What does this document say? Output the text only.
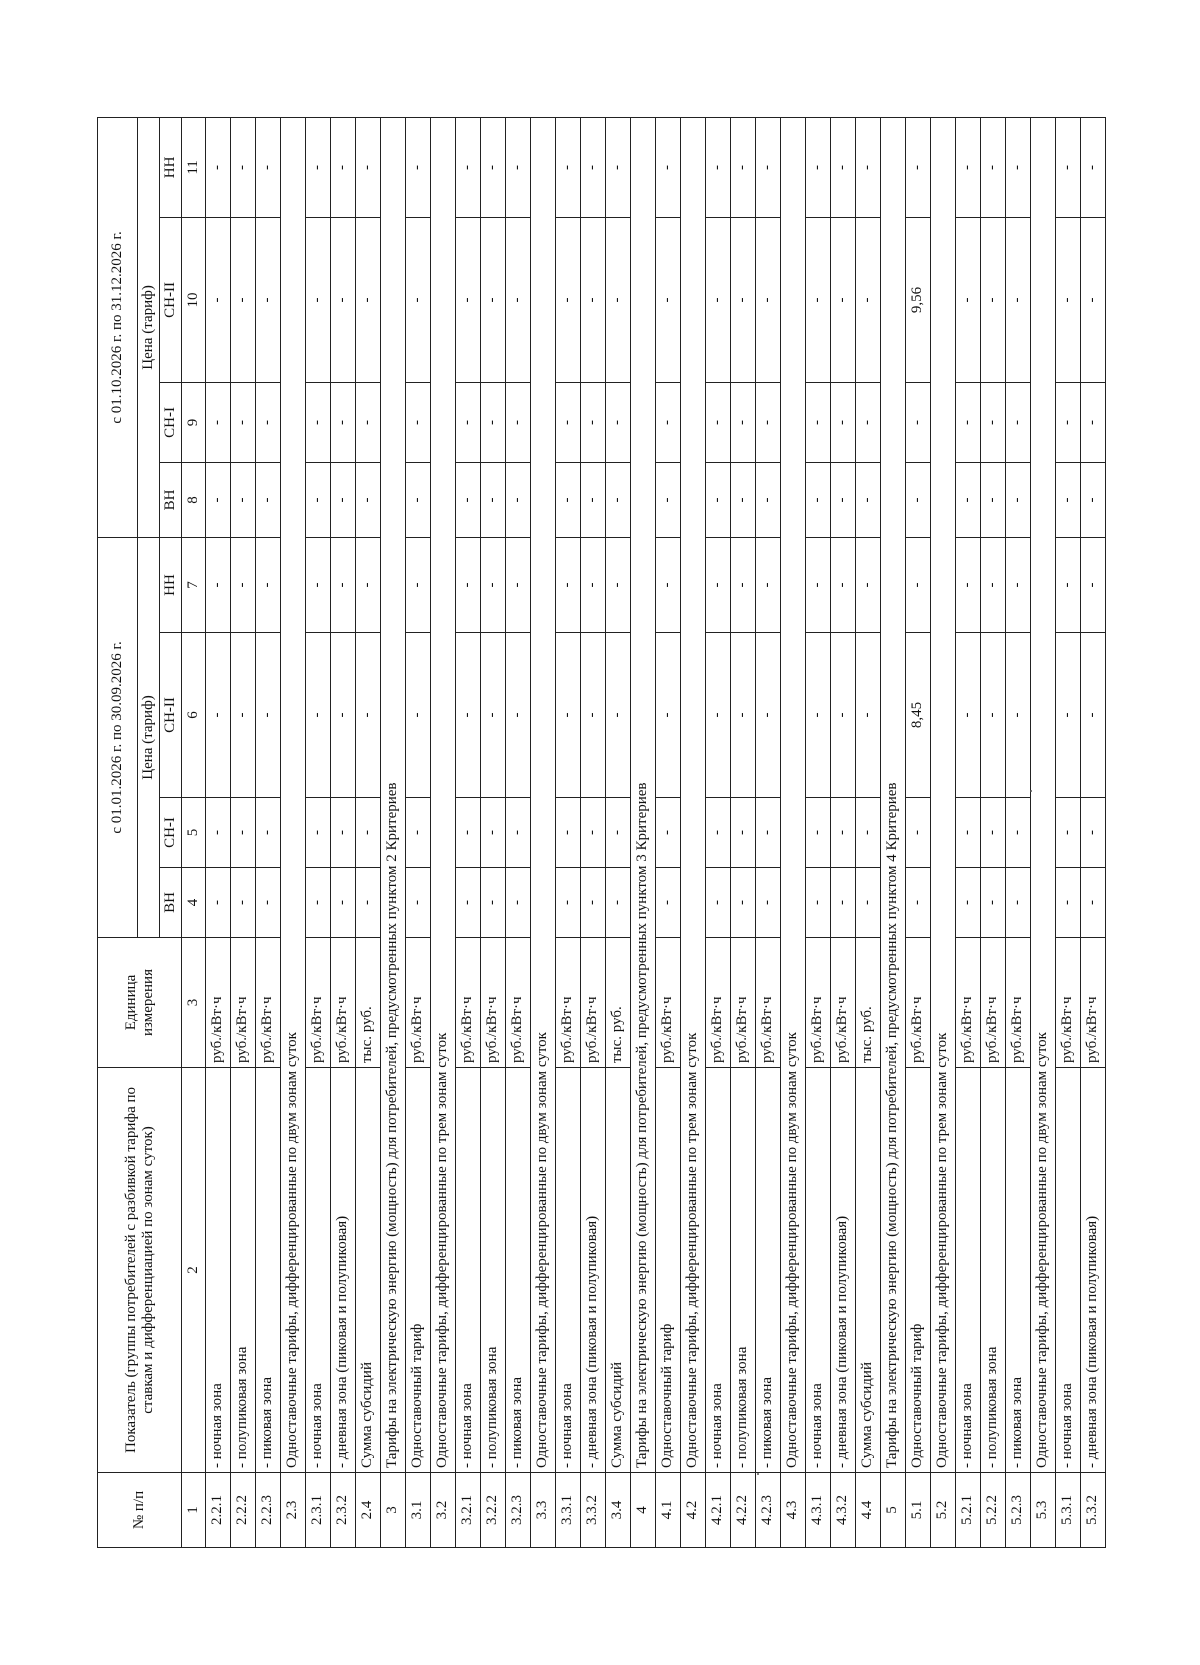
№ п/п	Показатель (группы потребителей с разбивкой тарифа по ставкам и дифференциацией по зонам суток)	Единица измерения	с 01.01.2026 г. по 30.09.2026 г.				с 01.10.2026 г. по 31.12.2026 г.			
			Цена (тариф)				Цена (тариф)			
			ВН	СН-I	СН-II	НН	ВН	СН-I	СН-II	НН
1	2	3	4	5	6	7	8	9	10	11
2.2.1	- ночная зона	руб./кВт·ч	-	-	-	-	-	-	-	-
2.2.2	- полупиковая зона	руб./кВт·ч	-	-	-	-	-	-	-	-
2.2.3	- пиковая зона	руб./кВт·ч	-	-	-	-	-	-	-	-
2.3	Одноставочные тарифы, дифференцированные по двум зонам суток									
2.3.1	- ночная зона	руб./кВт·ч	-	-	-	-	-	-	-	-
2.3.2	- дневная зона (пиковая и полупиковая)	руб./кВт·ч	-	-	-	-	-	-	-	-
2.4	Сумма субсидий	тыс. руб.	-	-	-	-	-	-	-	-
3	Тарифы на электрическую энергию (мощность) для потребителей, предусмотренных пунктом 2 Критериев									
3.1	Одноставочный тариф	руб./кВт·ч	-	-	-	-	-	-	-	-
3.2	Одноставочные тарифы, дифференцированные по трем зонам суток									
3.2.1	- ночная зона	руб./кВт·ч	-	-	-	-	-	-	-	-
3.2.2	- полупиковая зона	руб./кВт·ч	-	-	-	-	-	-	-	-
3.2.3	- пиковая зона	руб./кВт·ч	-	-	-	-	-	-	-	-
3.3	Одноставочные тарифы, дифференцированные по двум зонам суток									
3.3.1	- ночная зона	руб./кВт·ч	-	-	-	-	-	-	-	-
3.3.2	- дневная зона (пиковая и полупиковая)	руб./кВт·ч	-	-	-	-	-	-	-	-
3.4	Сумма субсидий	тыс. руб.	-	-	-	-	-	-	-	-
4	Тарифы на электрическую энергию (мощность) для потребителей, предусмотренных пунктом 3 Критериев									
4.1	Одноставочный тариф	руб./кВт·ч	-	-	-	-	-	-	-	-
4.2	Одноставочные тарифы, дифференцированные по трем зонам суток									
4.2.1	- ночная зона	руб./кВт·ч	-	-	-	-	-	-	-	-
4.2.2	- полупиковая зона	руб./кВт·ч	-	-	-	-	-	-	-	-
4.2.3	- пиковая зона	руб./кВт·ч	-	-	-	-	-	-	-	-
4.3	Одноставочные тарифы, дифференцированные по двум зонам суток									
4.3.1	- ночная зона	руб./кВт·ч	-	-	-	-	-	-	-	-
4.3.2	- дневная зона (пиковая и полупиковая)	руб./кВт·ч	-	-	-	-	-	-	-	-
4.4	Сумма субсидий	тыс. руб.	-	-	-	-	-	-	-	-
5	Тарифы на электрическую энергию (мощность) для потребителей, предусмотренных пунктом 4 Критериев									
5.1	Одноставочный тариф	руб./кВт·ч	-	-	8,45	-	-	-	9,56	-
5.2	Одноставочные тарифы, дифференцированные по трем зонам суток									
5.2.1	- ночная зона	руб./кВт·ч	-	-	-	-	-	-	-	-
5.2.2	- полупиковая зона	руб./кВт·ч	-	-	-	-	-	-	-	-
5.2.3	- пиковая зона	руб./кВт·ч	-	-	-	-	-	-	-	-
5.3	Одноставочные тарифы, дифференцированные по двум зонам суток									
5.3.1	- ночная зона	руб./кВт·ч	-	-	-	-	-	-	-	-
5.3.2	- дневная зона (пиковая и полупиковая)	руб./кВт·ч	-	-	-	-	-	-	-	-
